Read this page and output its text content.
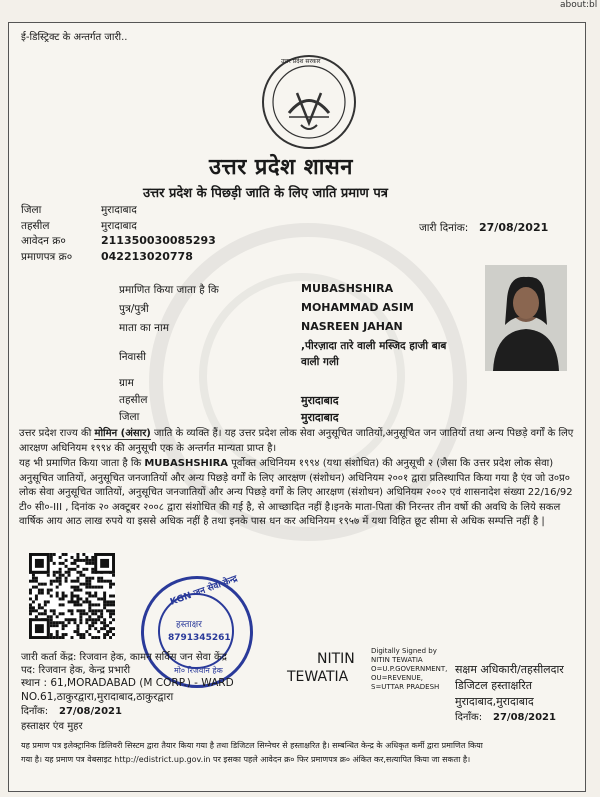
about:bl
ई-डिस्ट्रिक्ट के अन्तर्गत जारी..
उत्तर प्रदेश सरकार
उत्तर प्रदेश शासन
उत्तर प्रदेश के पिछड़ी जाति के लिए जाति प्रमाण पत्र
जिला	मुरादाबाद
तहसील	मुरादाबाद
आवेदन क्र०	211350030085293
प्रमाणपत्र क्र०	042213020778
जारी दिनांक: 27/08/2021
प्रमाणित किया जाता है कि	MUBASHSHIRA
पुत्र/पुत्री	MOHAMMAD ASIM
माता का नाम	NASREEN JAHAN
निवासी
,पीरज़ादा तारे वाली मस्जिद हाजी बाब
वाली गली
ग्राम
तहसील	मुरादाबाद
जिला	मुरादाबाद
उत्तर प्रदेश राज्य की मोमिन (अंसार) जाति के व्यक्ति हैं। यह उत्तर प्रदेश लोक सेवा अनुसूचित जातियों,अनुसूचित जन जातियों तथा अन्य पिछड़े वर्गों के लिए आरक्षण अधिनियम १९९४ की अनुसूची एक के अन्तर्गत मान्यता प्राप्त है।
यह भी प्रमाणित किया जाता है कि MUBASHSHIRA पूर्वोक्त अधिनियम १९९४ (यथा संशोधित) की अनुसूची २ (जैसा कि उत्तर प्रदेश लोक सेवा) अनुसूचित जातियों, अनुसूचित जनजातियों और अन्य पिछड़े वर्गों के लिए आरक्षण (संशोधन) अधिनियम २००१ द्वारा प्रतिस्थापित किया गया है एंव जो उ०प्र० लोक सेवा अनुसूचित जातियों, अनुसूचित जनजातियों और अन्य पिछड़े वर्गों के लिए आरक्षण (संशोधन) अधिनियम २००२ एवं शासनादेश संख्या 22/16/92 टी० सी०-III , दिनांक २० अक्टूबर २००८ द्वारा संशोधित की गई है, से आच्छादित नहीं है।इनके माता-पिता की निरन्तर तीन वर्षो की अवधि के लिये सकल वार्षिक आय आठ लाख रुपये या इससे अधिक नहीं है तथा इनके पास धन कर अधिनियम १९५७ में यथा विहित छूट सीमा से अधिक सम्पत्ति नहीं है |
KGN जन सेवा केन्द्र
हस्ताक्षर
8791345261
मो० रिजवान हेक
जारी कर्ता केंद्र: रिजवान हेक, कामन सर्विस जन सेवा केंद्र
पद: रिजवान हेक, केन्द्र प्रभारी
स्थान : 61,MORADABAD (M CORP.) - WARD
NO.61,ठाकुरद्वारा,मुरादाबाद,ठाकुरद्वारा
दिनाँक: 27/08/2021
हस्ताक्षर एंव मुहर
NITIN
TEWATIA
Digitally Signed by
NITIN TEWATIA
O=U.P.GOVERNMENT,
OU=REVENUE,
S=UTTAR PRADESH
सक्षम अधिकारी/तहसीलदार
डिजिटल हस्ताक्षरित
मुरादाबाद,मुरादाबाद
दिनाँक: 27/08/2021
यह प्रमाण पत्र इलेक्ट्रानिक डिलिवरी सिस्टम द्वारा तैयार किया गया है तथा डिजिटल सिग्नेचर से हस्ताक्षरित है। सम्बन्धित केन्द्र के अधिकृत कर्मी द्वारा प्रमाणित किया
गया है। यह प्रमाण पत्र वेबसाइट http://edistrict.up.gov.in पर इसका पहले आवेदन क्र० फिर प्रमाणपत्र क्र० अंकित कर,सत्यापित किया जा सकता है।
